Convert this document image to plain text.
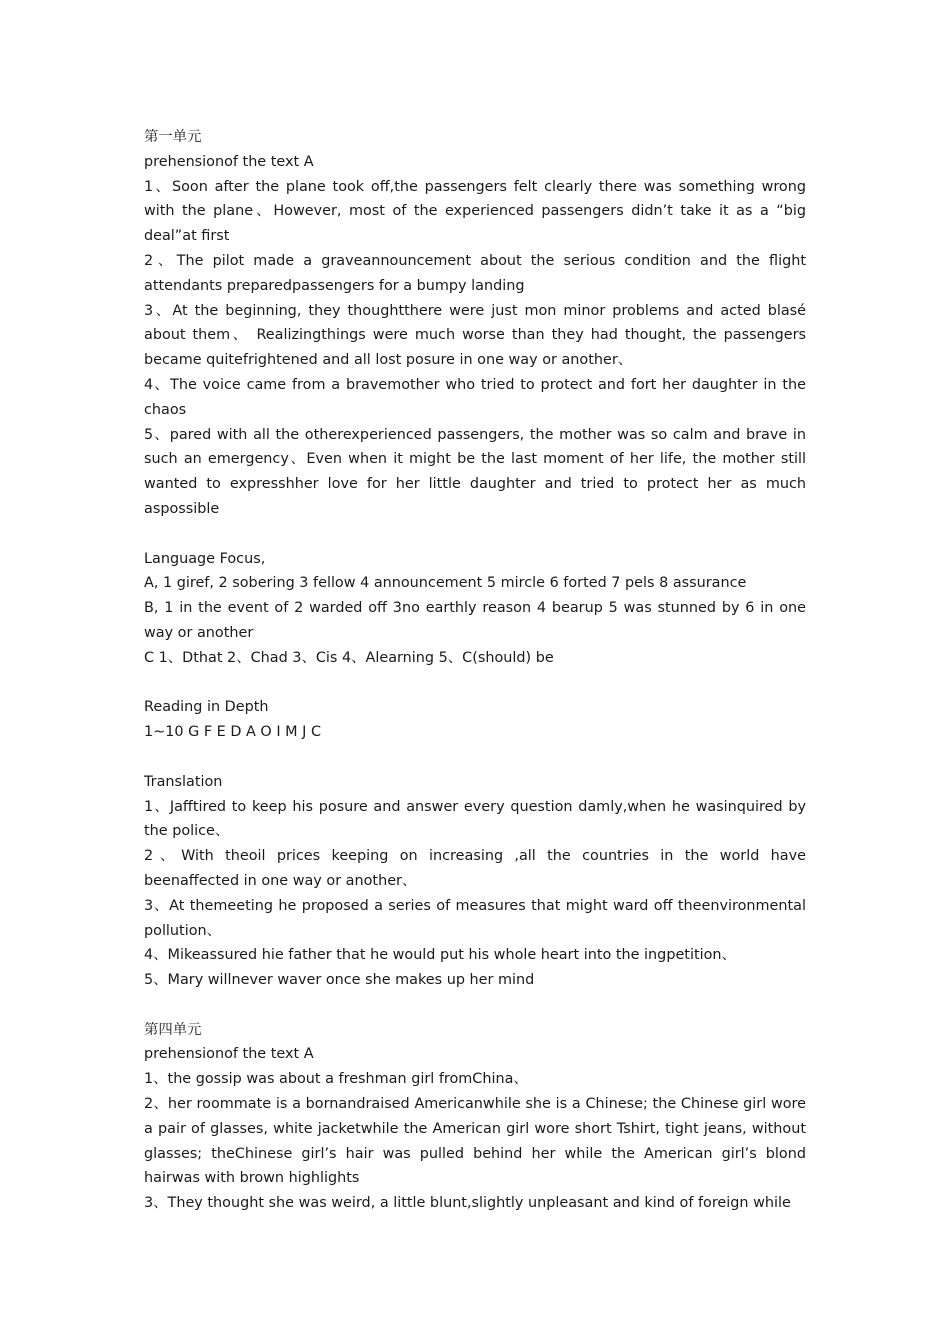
第一单元

prehensionof the text A

1、Soon after the plane took off,the passengers felt clearly there was something wrong with the plane、However, most of the experienced passengers didn’t take it as a “big deal”at first

2、The pilot made a graveannouncement about the serious condition and the flight attendants preparedpassengers for a bumpy landing

3、At the beginning, they thoughtthere were just mon minor problems and acted blasé about them、 Realizingthings were much worse than they had thought, the passengers became quitefrightened and all lost posure in one way or another、

4、The voice came from a bravemother who tried to protect and fort her daughter in the chaos

5、pared with all the otherexperienced passengers, the mother was so calm and brave in such an emergency、Even when it might be the last moment of her life, the mother still wanted to expresshher love for her little daughter and tried to protect her as much aspossible

Language Focus,

A, 1 giref, 2 sobering 3 fellow 4 announcement 5 mircle 6 forted 7 pels 8 assurance

B, 1 in the event of 2 warded off 3no earthly reason 4 bearup 5 was stunned by 6 in one way or another

C 1、Dthat 2、Chad 3、Cis 4、Alearning 5、C(should) be

Reading in Depth

1~10 G F E D A O I M J C

Translation

1、Jafftired to keep his posure and answer every question damly,when he wasinquired by the police、

2、With theoil prices keeping on increasing ,all the countries in the world have beenaffected in one way or another、

3、At themeeting he proposed a series of measures that might ward off theenvironmental pollution、

4、Mikeassured hie father that he would put his whole heart into the ingpetition、

5、Mary willnever waver once she makes up her mind

第四单元

prehensionof the text A

1、the gossip was about a freshman girl fromChina、

2、her roommate is a bornandraised Americanwhile she is a Chinese; the Chinese girl wore a pair of glasses, white jacketwhile the American girl wore short Tshirt, tight jeans, without glasses; theChinese girl’s hair was pulled behind her while the American girl’s blond hairwas with brown highlights

3、They thought she was weird, a little blunt,slightly unpleasant and kind of foreign while
